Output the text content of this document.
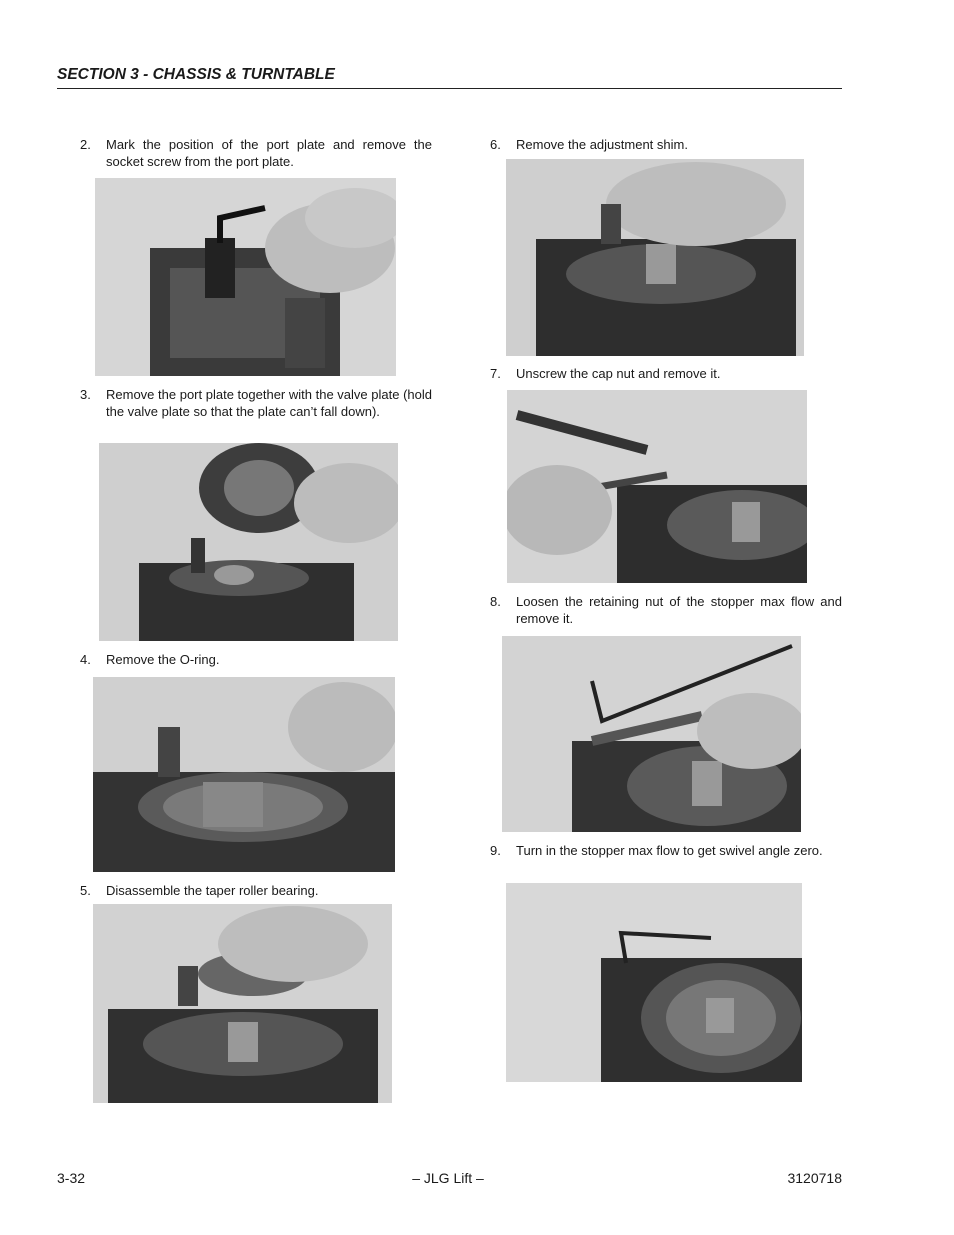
SECTION 3 - CHASSIS & TURNTABLE
2.	Mark the position of the port plate and remove the socket screw from the port plate.
3.	Remove the port plate together with the valve plate (hold the valve plate so that the plate can’t fall down).
4.	Remove the O-ring.
5.	Disassemble the taper roller bearing.
6.	Remove the adjustment shim.
7.	Unscrew the cap nut and remove it.
8.	Loosen the retaining nut of the stopper max flow and remove it.
9.	Turn in the stopper max flow to get swivel angle zero.
3-32	– JLG Lift –	3120718
